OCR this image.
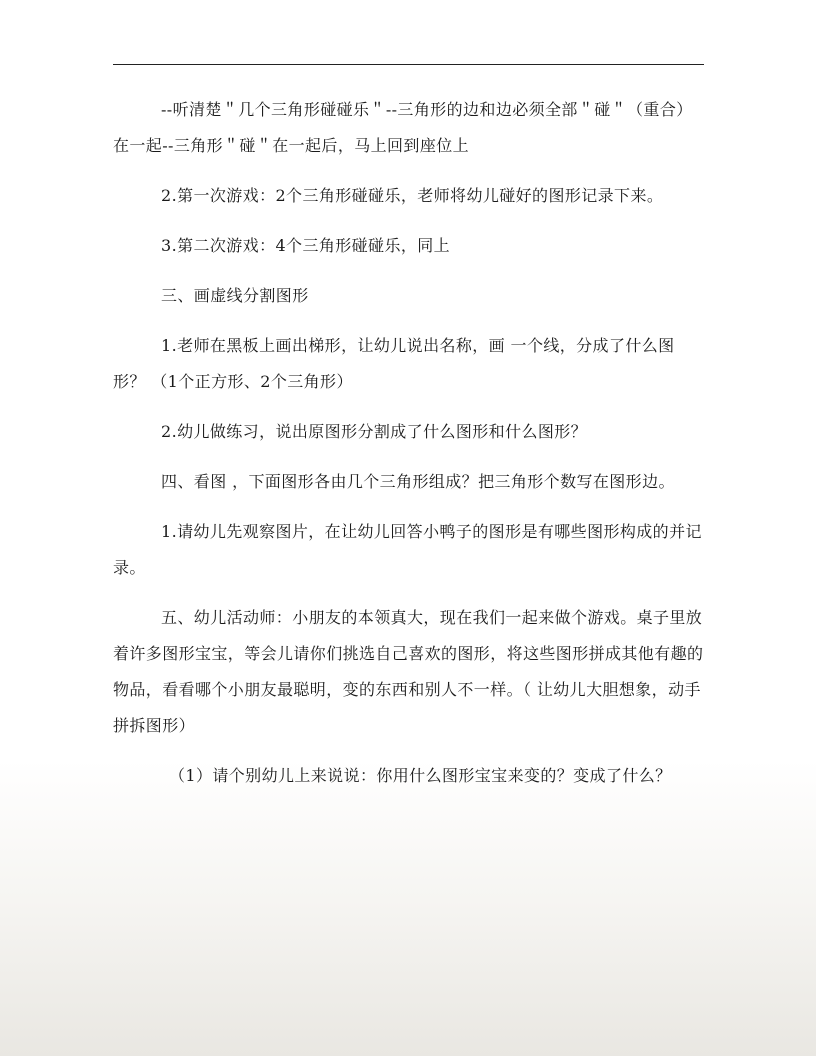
--听清楚＂几个三角形碰碰乐＂--三角形的边和边必须全部＂碰＂（重合）在一起--三角形＂碰＂在一起后，马上回到座位上

2.第一次游戏：2个三角形碰碰乐，老师将幼儿碰好的图形记录下来。

3.第二次游戏：4个三角形碰碰乐，同上

三、画虚线分割图形

1.老师在黑板上画出梯形，让幼儿说出名称，画 一个线，分成了什么图形？ （1个正方形、2个三角形）

2.幼儿做练习，说出原图形分割成了什么图形和什么图形？

四、看图 ，下面图形各由几个三角形组成？把三角形个数写在图形边。

1.请幼儿先观察图片，在让幼儿回答小鸭子的图形是有哪些图形构成的并记录。

五、幼儿活动师：小朋友的本领真大，现在我们一起来做个游戏。桌子里放着许多图形宝宝，等会儿请你们挑选自己喜欢的图形，将这些图形拼成其他有趣的物品，看看哪个小朋友最聪明，变的东西和别人不一样。（ 让幼儿大胆想象，动手拼拆图形）

（1）请个别幼儿上来说说：你用什么图形宝宝来变的？变成了什么？
